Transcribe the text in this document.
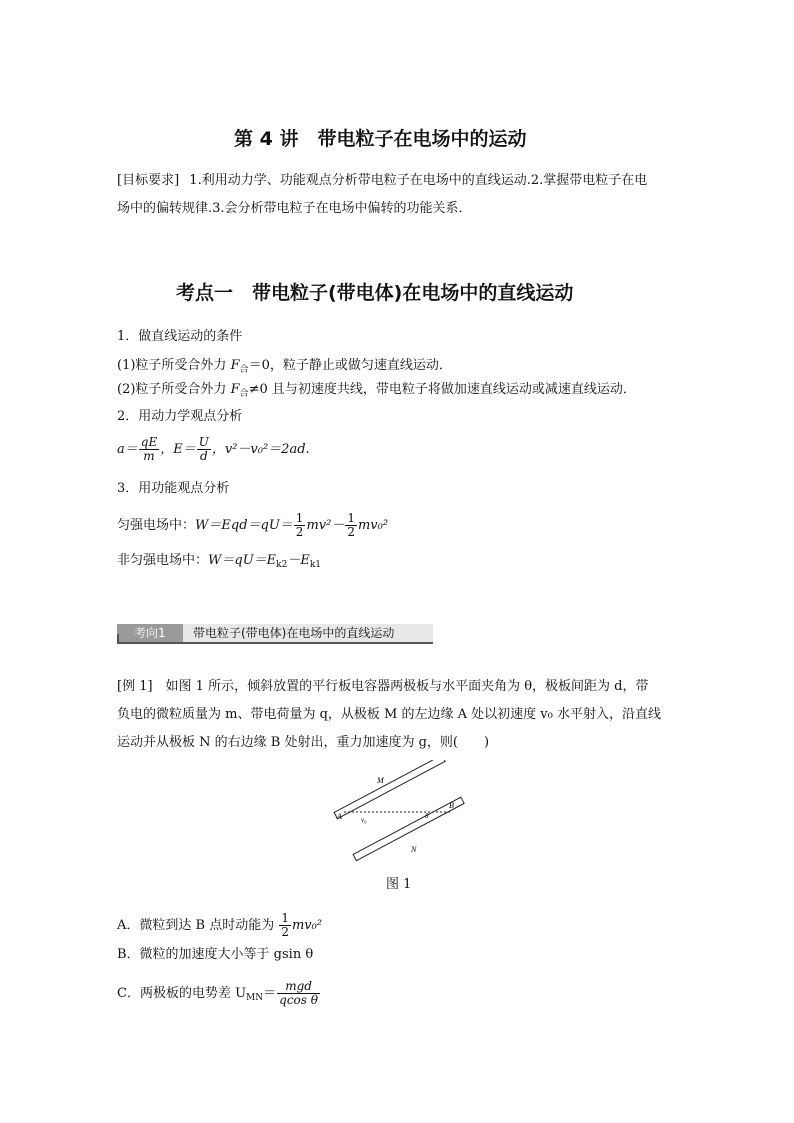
第 4 讲　带电粒子在电场中的运动
[目标要求] 1.利用动力学、功能观点分析带电粒子在电场中的直线运动.2.掌握带电粒子在电
场中的偏转规律.3.会分析带电粒子在电场中偏转的功能关系．
考点一　带电粒子(带电体)在电场中的直线运动
1．做直线运动的条件
(1)粒子所受合外力 $F_合=0$，粒子静止或做匀速直线运动．
(2)粒子所受合外力 $F_合\ne 0$ 且与初速度共线，带电粒子将做加速直线运动或减速直线运动．
2．用动力学观点分析
$a= \frac{qE}{m}$ ，$E= \frac{U}{d}$ ，v²－v₀²＝2ad.
3．用功能观点分析
匀强电场中：$W=Eqd=qU= \frac{1}{2} mv^2- \frac{1}{2} mv_0^2$
非匀强电场中：$W=qU=E_{k2}-E_{k1}$
考向1	带电粒子(带电体)在电场中的直线运动
[例 1]　如图 1 所示，倾斜放置的平行板电容器两极板与水平面夹角为 θ，极板间距为 d，带
负电的微粒质量为 m、带电荷量为 q，从极板 M 的左边缘 A 处以初速度 v₀ 水平射入，沿直线
运动并从极板 N 的右边缘 B 处射出，重力加速度为 g，则(　　)
M
N
A
B
v₀	θ
图 1
A．微粒到达 B 点时动能为 $\frac{1}{2} mv_0^2$
B．微粒的加速度大小等于 gsin θ
C．两极板的电势差 $U_{MN}= \frac{\text{mgd}}{\text{qcos θ}}$
